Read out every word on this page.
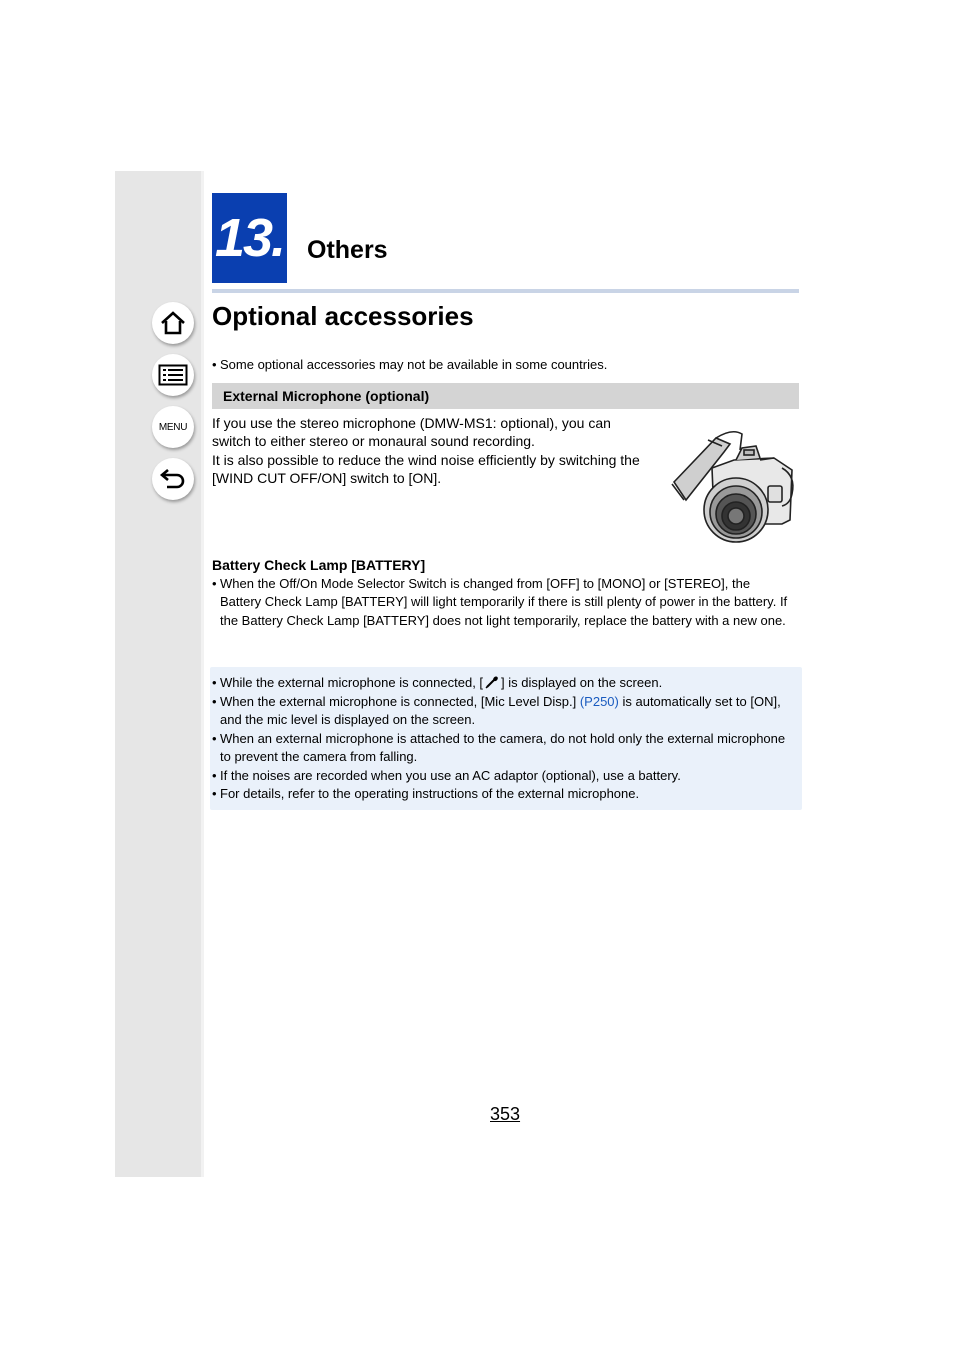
MENU
13. Others
Optional accessories
• Some optional accessories may not be available in some countries.
External Microphone (optional)

If you use the stereo microphone (DMW-MS1: optional), you can switch to either stereo or monaural sound recording.

It is also possible to reduce the wind noise efficiently by switching the [WIND CUT OFF/ON] switch to [ON].

Battery Check Lamp [BATTERY]
• When the Off/On Mode Selector Switch is changed from [OFF] to [MONO] or [STEREO], the Battery Check Lamp [BATTERY] will light temporarily if there is still plenty of power in the battery. If the Battery Check Lamp [BATTERY] does not light temporarily, replace the battery with a new one.
• While the external microphone is connected, [ ] is displayed on the screen.
• When the external microphone is connected, [Mic Level Disp.] (P250) is automatically set to [ON], and the mic level is displayed on the screen.
• When an external microphone is attached to the camera, do not hold only the external microphone to prevent the camera from falling.
• If the noises are recorded when you use an AC adaptor (optional), use a battery.
• For details, refer to the operating instructions of the external microphone.
353
